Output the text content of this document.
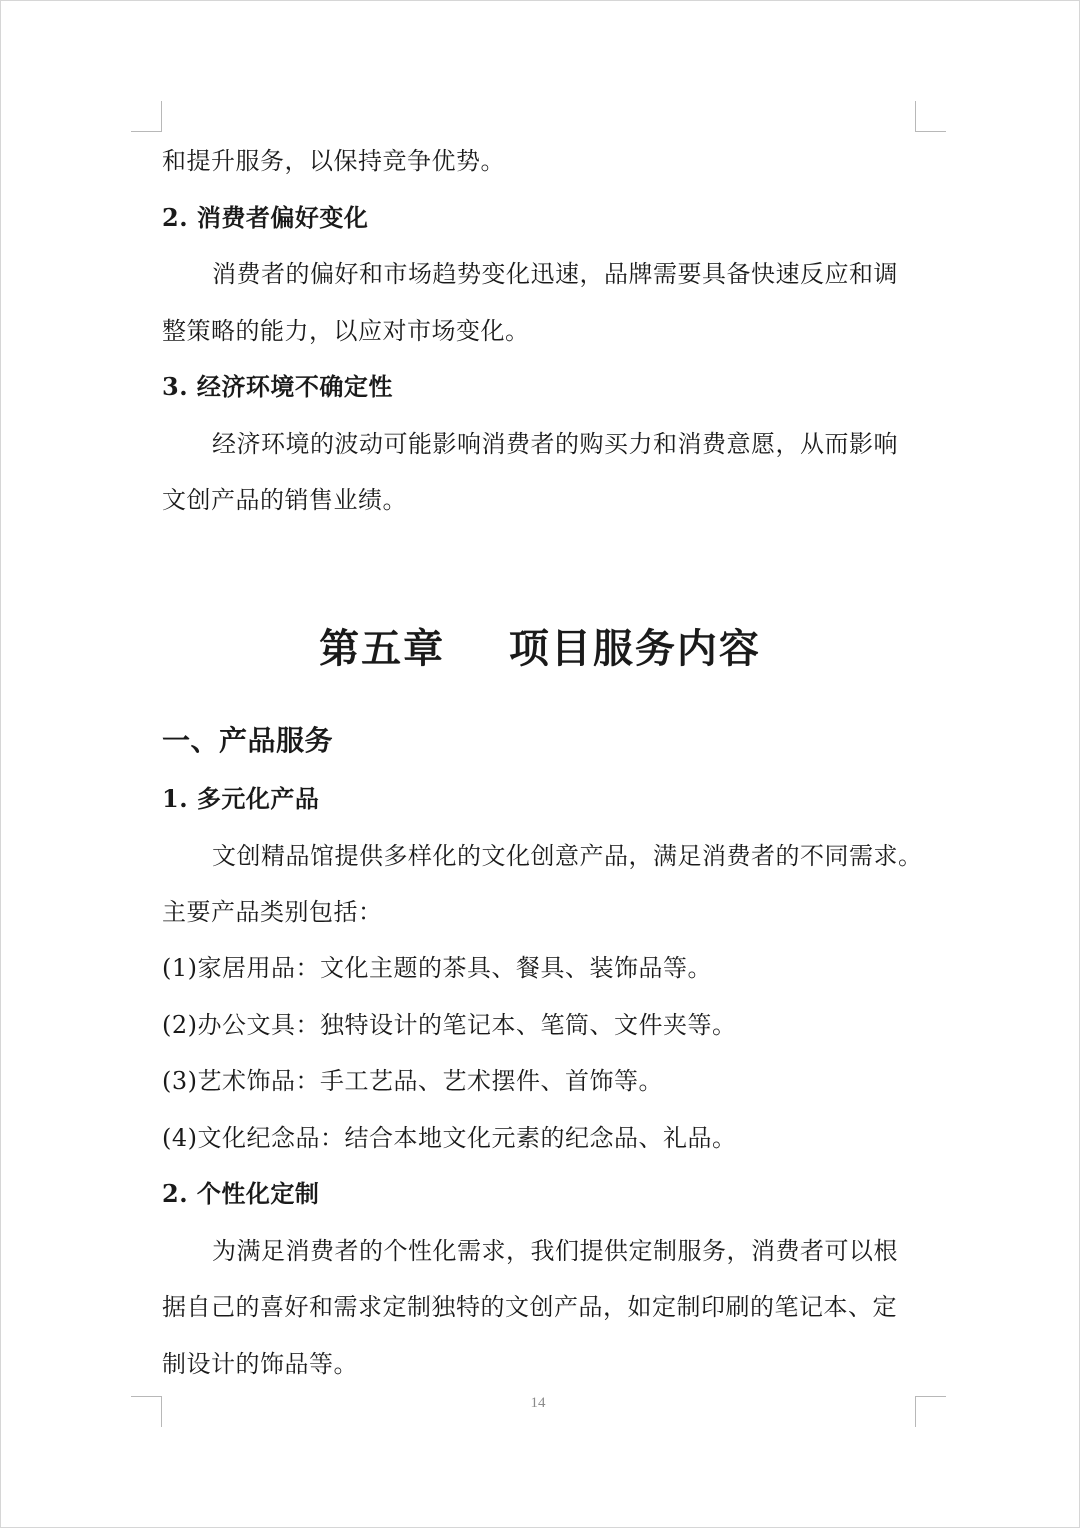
和提升服务，以保持竞争优势。
2. 消费者偏好变化
消费者的偏好和市场趋势变化迅速，品牌需要具备快速反应和调
整策略的能力，以应对市场变化。
3. 经济环境不确定性
经济环境的波动可能影响消费者的购买力和消费意愿，从而影响
文创产品的销售业绩。
第五章    项目服务内容
一、产品服务
1. 多元化产品
文创精品馆提供多样化的文化创意产品，满足消费者的不同需求。
主要产品类别包括：
(1)家居用品：文化主题的茶具、餐具、装饰品等。
(2)办公文具：独特设计的笔记本、笔筒、文件夹等。
(3)艺术饰品：手工艺品、艺术摆件、首饰等。
(4)文化纪念品：结合本地文化元素的纪念品、礼品。
2. 个性化定制
为满足消费者的个性化需求，我们提供定制服务，消费者可以根
据自己的喜好和需求定制独特的文创产品，如定制印刷的笔记本、定
制设计的饰品等。
14
